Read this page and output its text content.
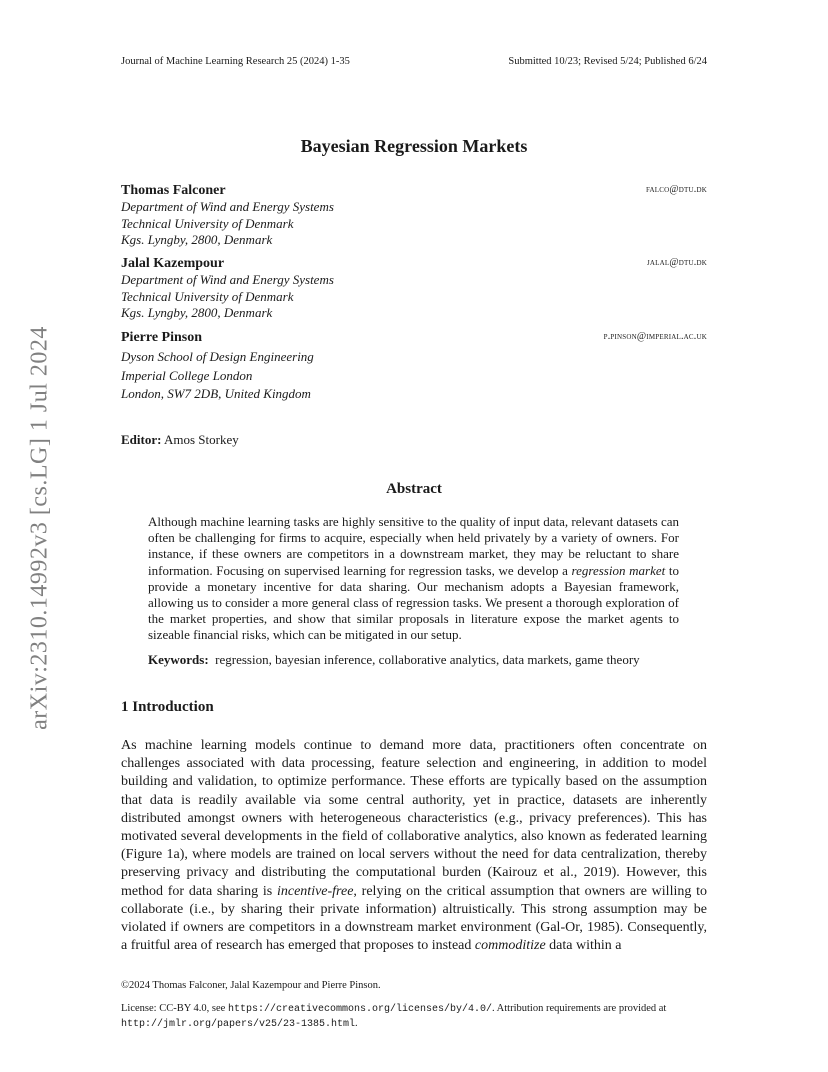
Journal of Machine Learning Research 25 (2024) 1-35	Submitted 10/23; Revised 5/24; Published 6/24
arXiv:2310.14992v3 [cs.LG] 1 Jul 2024
Bayesian Regression Markets
Thomas Falconer	falco@dtu.dk
Department of Wind and Energy Systems
Technical University of Denmark
Kgs. Lyngby, 2800, Denmark
Jalal Kazempour	jalal@dtu.dk
Department of Wind and Energy Systems
Technical University of Denmark
Kgs. Lyngby, 2800, Denmark
Pierre Pinson	p.pinson@imperial.ac.uk
Dyson School of Design Engineering
Imperial College London
London, SW7 2DB, United Kingdom
Editor: Amos Storkey
Abstract
Although machine learning tasks are highly sensitive to the quality of input data, relevant datasets can often be challenging for firms to acquire, especially when held privately by a variety of owners. For instance, if these owners are competitors in a downstream market, they may be reluctant to share information. Focusing on supervised learning for regression tasks, we develop a regression market to provide a monetary incentive for data sharing. Our mechanism adopts a Bayesian framework, allowing us to consider a more general class of regression tasks. We present a thorough exploration of the market properties, and show that similar proposals in literature expose the market agents to sizeable financial risks, which can be mitigated in our setup.
Keywords: regression, bayesian inference, collaborative analytics, data markets, game theory
1 Introduction
As machine learning models continue to demand more data, practitioners often concentrate on challenges associated with data processing, feature selection and engineering, in addition to model building and validation, to optimize performance. These efforts are typically based on the assumption that data is readily available via some central authority, yet in practice, datasets are inherently distributed amongst owners with heterogeneous characteristics (e.g., privacy preferences). This has motivated several developments in the field of collaborative analytics, also known as federated learning (Figure 1a), where models are trained on local servers without the need for data centralization, thereby preserving privacy and distributing the computational burden (Kairouz et al., 2019). However, this method for data sharing is incentive-free, relying on the critical assumption that owners are willing to collaborate (i.e., by sharing their private information) altruistically. This strong assumption may be violated if owners are competitors in a downstream market environment (Gal-Or, 1985). Consequently, a fruitful area of research has emerged that proposes to instead commoditize data within a
©2024 Thomas Falconer, Jalal Kazempour and Pierre Pinson.
License: CC-BY 4.0, see https://creativecommons.org/licenses/by/4.0/. Attribution requirements are provided at
http://jmlr.org/papers/v25/23-1385.html.
